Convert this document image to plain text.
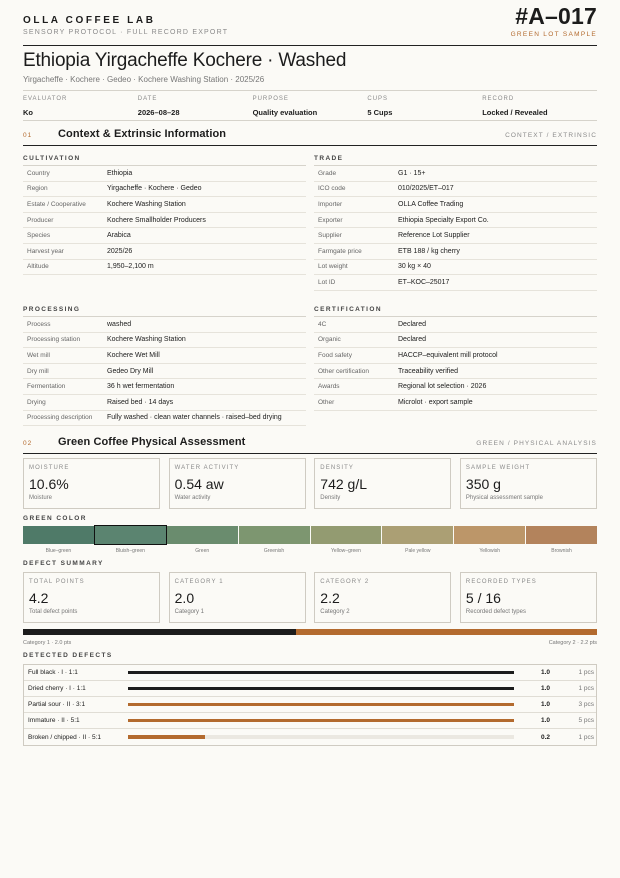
OLLA COFFEE LAB
SENSORY PROTOCOL · FULL RECORD EXPORT
#A–017
GREEN LOT SAMPLE
Ethiopia Yirgacheffe Kochere · Washed
Yirgacheffe · Kochere · Gedeo · Kochere Washing Station · 2025/26
EVALUATOR
Ko
DATE
2026–08–28
PURPOSE
Quality evaluation
CUPS
5 Cups
RECORD
Locked / Revealed
01 Context & Extrinsic Information	CONTEXT / EXTRINSIC
CULTIVATION
Country	Ethiopia
Region	Yirgacheffe · Kochere · Gedeo
Estate / Cooperative	Kochere Washing Station
Producer	Kochere Smallholder Producers
Species	Arabica
Harvest year	2025/26
Altitude	1,950–2,100 m
TRADE
Grade	G1 · 15+
ICO code	010/2025/ET–017
Importer	OLLA Coffee Trading
Exporter	Ethiopia Specialty Export Co.
Supplier	Reference Lot Supplier
Farmgate price	ETB 188 / kg cherry
Lot weight	30 kg × 40
Lot ID	ET–KOC–25017
PROCESSING
Process	washed
Processing station	Kochere Washing Station
Wet mill	Kochere Wet Mill
Dry mill	Gedeo Dry Mill
Fermentation	36 h wet fermentation
Drying	Raised bed · 14 days
Processing description	Fully washed · clean water channels · raised–bed drying
CERTIFICATION
4C	Declared
Organic	Declared
Food safety	HACCP–equivalent mill protocol
Other certification	Traceability verified
Awards	Regional lot selection · 2026
Other	Microlot · export sample
02 Green Coffee Physical Assessment	GREEN / PHYSICAL ANALYSIS
MOISTURE
10.6%
Moisture
WATER ACTIVITY
0.54 aw
Water activity
DENSITY
742 g/L
Density
SAMPLE WEIGHT
350 g
Physical assessment sample
GREEN COLOR
Blue–green	Bluish–green	Green	Greenish	Yellow–green	Pale yellow	Yellowish	Brownish
DEFECT SUMMARY
TOTAL POINTS
4.2
Total defect points
CATEGORY 1
2.0
Category 1
CATEGORY 2
2.2
Category 2
RECORDED TYPES
5 / 16
Recorded defect types
Category 1 · 2.0 pts	Category 2 · 2.2 pts
DETECTED DEFECTS
Full black · I · 1:1	1.0	1 pcs
Dried cherry · I · 1:1	1.0	1 pcs
Partial sour · II · 3:1	1.0	3 pcs
Immature · II · 5:1	1.0	5 pcs
Broken / chipped · II · 5:1	0.2	1 pcs
